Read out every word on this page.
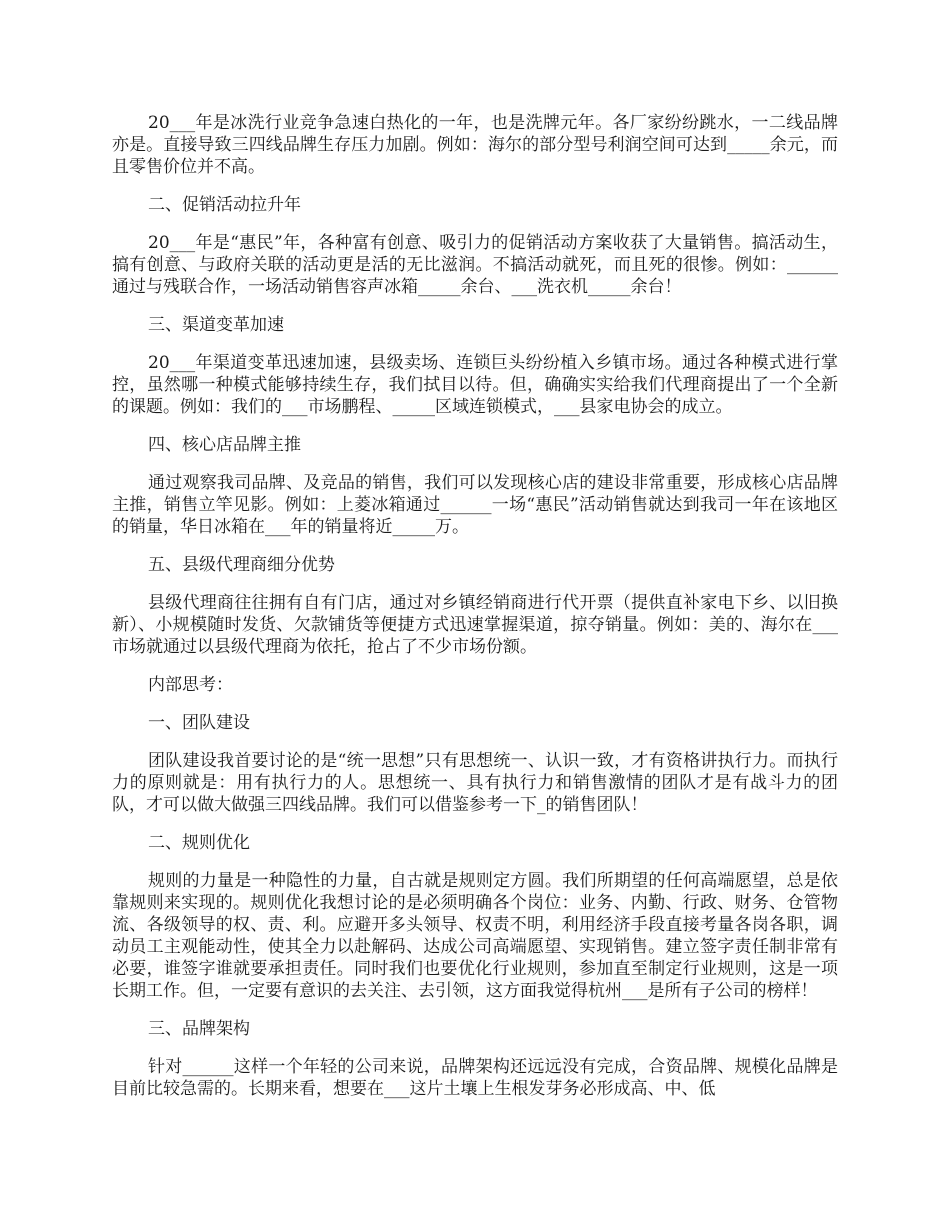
20___年是冰洗行业竞争急速白热化的一年，也是洗牌元年。各厂家纷纷跳水，一二线品牌亦是。直接导致三四线品牌生存压力加剧。例如：海尔的部分型号利润空间可达到_____余元，而且零售价位并不高。

二、促销活动拉升年

20___年是“惠民”年，各种富有创意、吸引力的促销活动方案收获了大量销售。搞活动生，搞有创意、与政府关联的活动更是活的无比滋润。不搞活动就死，而且死的很惨。例如：______通过与残联合作，一场活动销售容声冰箱_____余台、___洗衣机_____余台！

三、渠道变革加速

20___年渠道变革迅速加速，县级卖场、连锁巨头纷纷植入乡镇市场。通过各种模式进行掌控，虽然哪一种模式能够持续生存，我们拭目以待。但，确确实实给我们代理商提出了一个全新的课题。例如：我们的___市场鹏程、_____区域连锁模式，___县家电协会的成立。

四、核心店品牌主推

通过观察我司品牌、及竞品的销售，我们可以发现核心店的建设非常重要，形成核心店品牌主推，销售立竿见影。例如：上菱冰箱通过______一场“惠民”活动销售就达到我司一年在该地区的销量，华日冰箱在___年的销量将近_____万。

五、县级代理商细分优势

县级代理商往往拥有自有门店，通过对乡镇经销商进行代开票（提供直补家电下乡、以旧换新）、小规模随时发货、欠款铺货等便捷方式迅速掌握渠道，掠夺销量。例如：美的、海尔在___市场就通过以县级代理商为依托，抢占了不少市场份额。

内部思考：

一、团队建设

团队建设我首要讨论的是“统一思想”只有思想统一、认识一致，才有资格讲执行力。而执行力的原则就是：用有执行力的人。思想统一、具有执行力和销售激情的团队才是有战斗力的团队，才可以做大做强三四线品牌。我们可以借鉴参考一下_的销售团队！

二、规则优化

规则的力量是一种隐性的力量，自古就是规则定方圆。我们所期望的任何高端愿望，总是依靠规则来实现的。规则优化我想讨论的是必须明确各个岗位：业务、内勤、行政、财务、仓管物流、各级领导的权、责、利。应避开多头领导、权责不明，利用经济手段直接考量各岗各职，调动员工主观能动性，使其全力以赴解码、达成公司高端愿望、实现销售。建立签字责任制非常有必要，谁签字谁就要承担责任。同时我们也要优化行业规则，参加直至制定行业规则，这是一项长期工作。但，一定要有意识的去关注、去引领，这方面我觉得杭州___是所有子公司的榜样！

三、品牌架构

针对______这样一个年轻的公司来说，品牌架构还远远没有完成，合资品牌、规模化品牌是目前比较急需的。长期来看，想要在___这片土壤上生根发芽务必形成高、中、低
